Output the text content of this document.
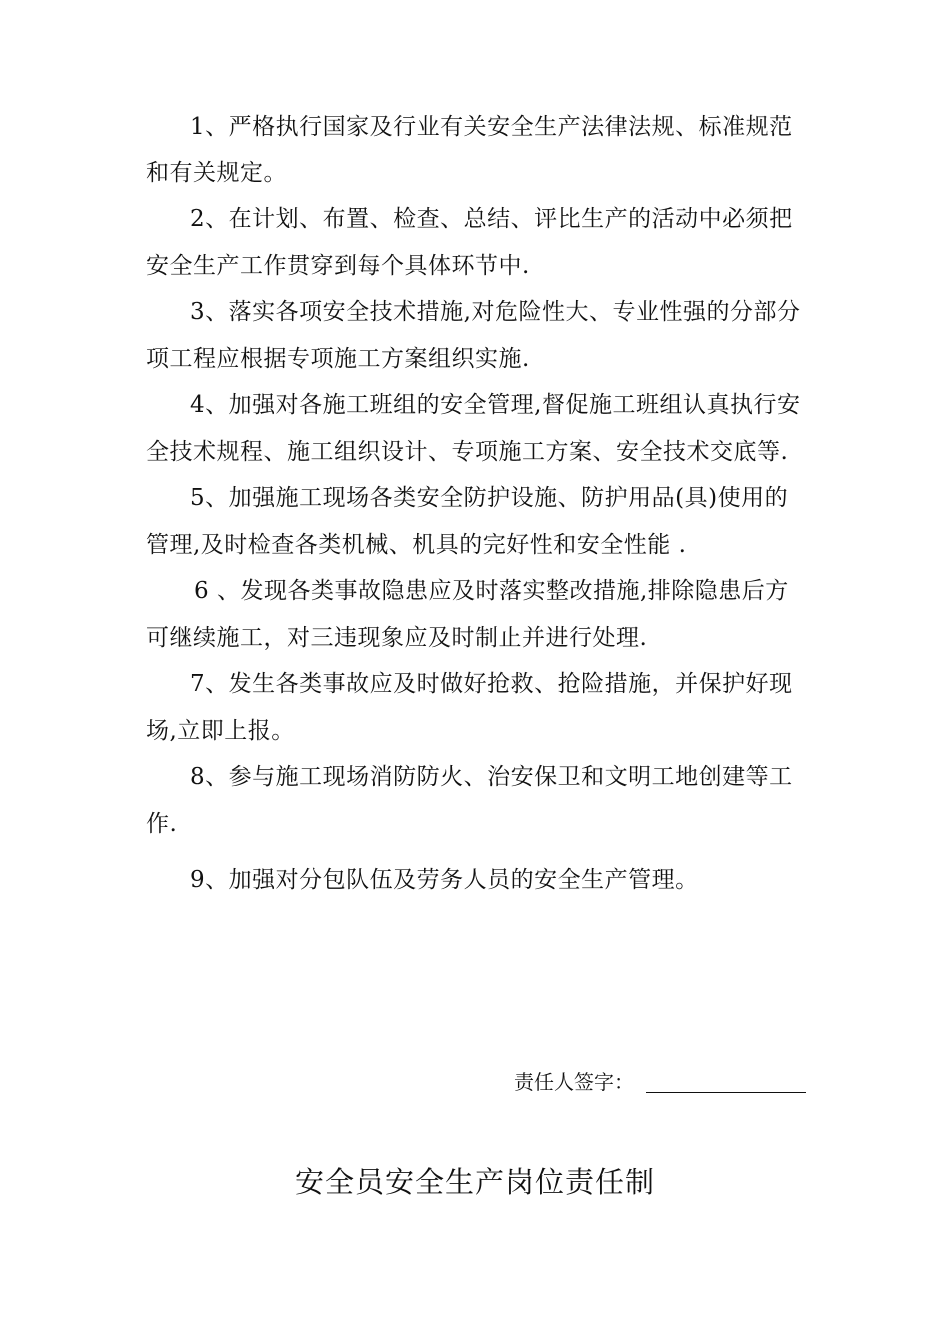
1、严格执行国家及行业有关安全生产法律法规、标准规范
和有关规定。
2、在计划、布置、检查、总结、评比生产的活动中必须把
安全生产工作贯穿到每个具体环节中.
3、落实各项安全技术措施,对危险性大、专业性强的分部分
项工程应根据专项施工方案组织实施.
4、加强对各施工班组的安全管理,督促施工班组认真执行安
全技术规程、施工组织设计、专项施工方案、安全技术交底等.
5、加强施工现场各类安全防护设施、防护用品(具)使用的
管理,及时检查各类机械、机具的完好性和安全性能 .
6 、发现各类事故隐患应及时落实整改措施,排除隐患后方
可继续施工，对三违现象应及时制止并进行处理.
7、发生各类事故应及时做好抢救、抢险措施，并保护好现
场,立即上报。
8、参与施工现场消防防火、治安保卫和文明工地创建等工
作.
9、加强对分包队伍及劳务人员的安全生产管理。
责任人签字：
安全员安全生产岗位责任制
